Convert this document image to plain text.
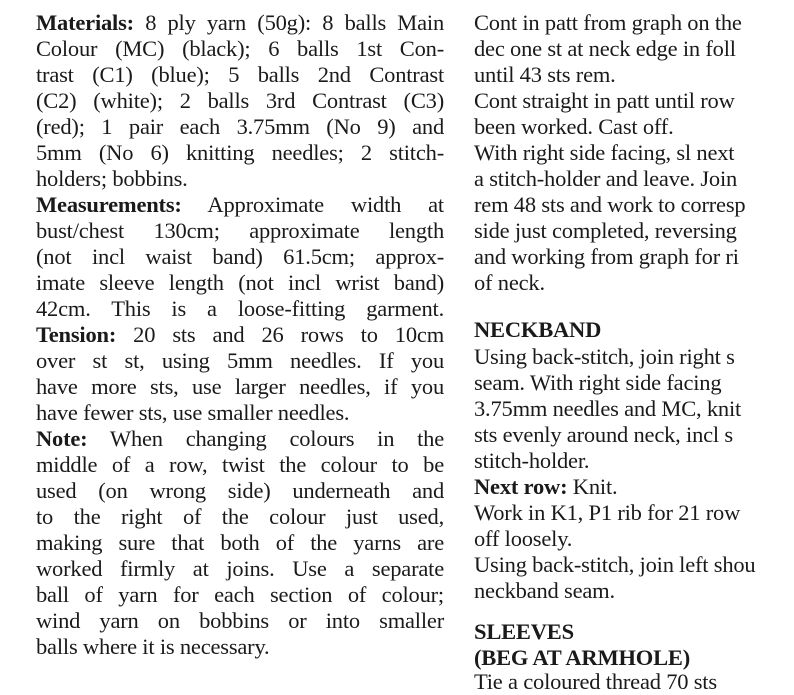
Materials: 8 ply yarn (50g): 8 balls Main
Colour (MC) (black); 6 balls 1st Con-
trast (C1) (blue); 5 balls 2nd Contrast
(C2) (white); 2 balls 3rd Contrast (C3)
(red); 1 pair each 3.75mm (No 9) and
5mm (No 6) knitting needles; 2 stitch-
holders; bobbins.
Measurements: Approximate width at
bust/chest 130cm; approximate length
(not incl waist band) 61.5cm; approx-
imate sleeve length (not incl wrist band)
42cm. This is a loose-fitting garment.
Tension: 20 sts and 26 rows to 10cm
over st st, using 5mm needles. If you
have more sts, use larger needles, if you
have fewer sts, use smaller needles.
Note: When changing colours in the
middle of a row, twist the colour to be
used (on wrong side) underneath and
to the right of the colour just used,
making sure that both of the yarns are
worked firmly at joins. Use a separate
ball of yarn for each section of colour;
wind yarn on bobbins or into smaller
balls where it is necessary.
Cont in patt from graph on the
dec one st at neck edge in foll
until 43 sts rem.
Cont straight in patt until row
been worked. Cast off.
With right side facing, sl next
a stitch-holder and leave. Join
rem 48 sts and work to corresp
side just completed, reversing
and working from graph for ri
of neck.
NECKBAND
Using back-stitch, join right s
seam. With right side facing
3.75mm needles and MC, knit
sts evenly around neck, incl s
stitch-holder.
Next row: Knit.
Work in K1, P1 rib for 21 row
off loosely.
Using back-stitch, join left shou
neckband seam.
SLEEVES
(BEG AT ARMHOLE)
Tie a coloured thread 70 sts
